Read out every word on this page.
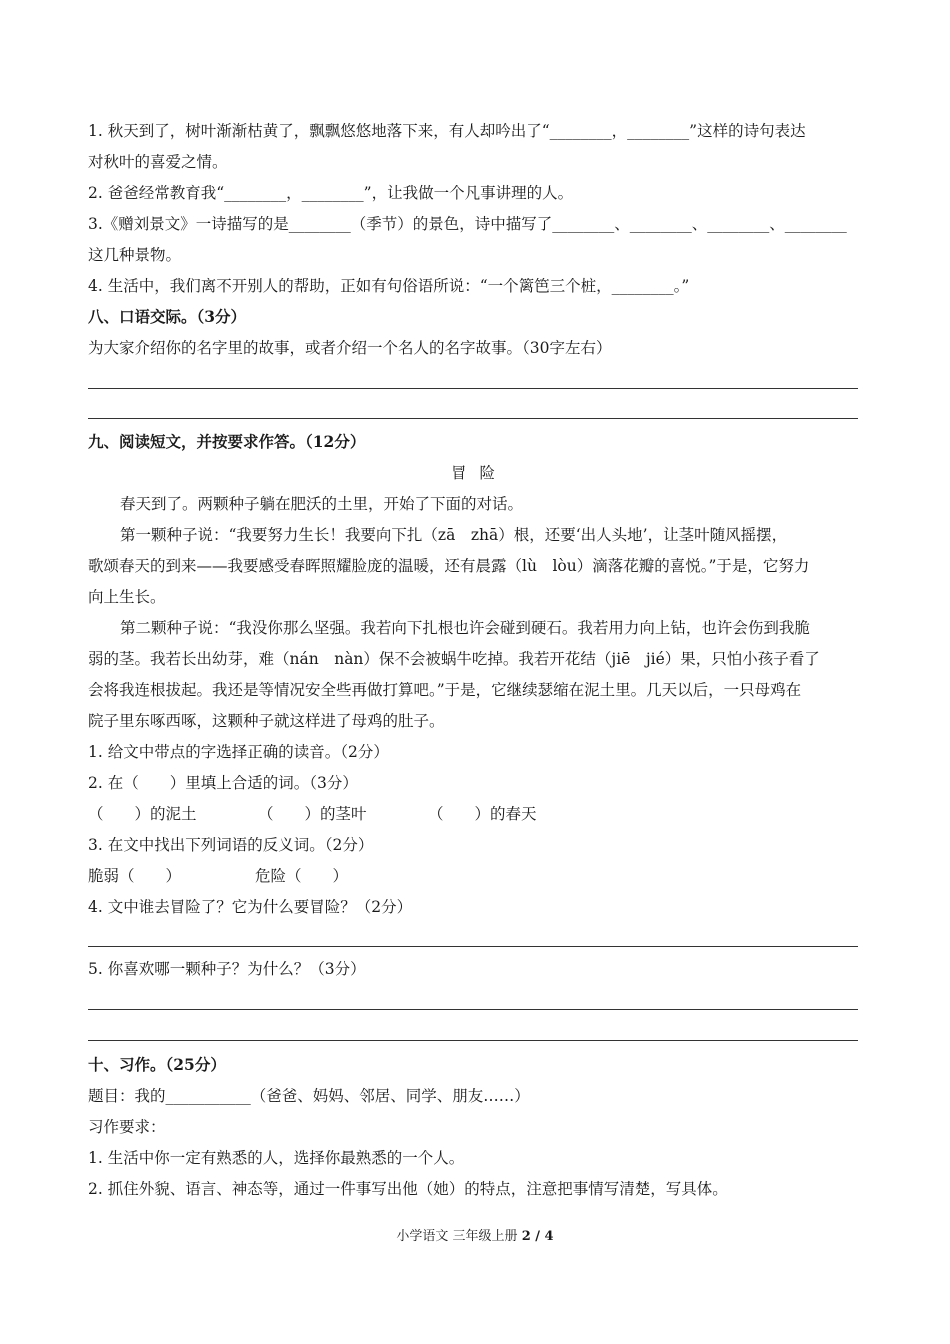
1. 秋天到了，树叶渐渐枯黄了，飘飘悠悠地落下来，有人却吟出了“________，________”这样的诗句表达
对秋叶的喜爱之情。
2. 爸爸经常教育我“________，________”，让我做一个凡事讲理的人。
3.《赠刘景文》一诗描写的是________（季节）的景色，诗中描写了________、________、________、________
这几种景物。
4. 生活中，我们离不开别人的帮助，正如有句俗语所说：“一个篱笆三个桩，________。”
八、口语交际。（3分）
为大家介绍你的名字里的故事，或者介绍一个名人的名字故事。（30字左右）
九、阅读短文，并按要求作答。（12分）
冒 险
春天到了。两颗种子躺在肥沃的土里，开始了下面的对话。
第一颗种子说：“我要努力生长！我要向下扎（zā　zhā）根，还要‘出人头地’，让茎叶随风摇摆，
歌颂春天的到来——我要感受春晖照耀脸庞的温暖，还有晨露（lù　lòu）滴落花瓣的喜悦。”于是，它努力
向上生长。
第二颗种子说：“我没你那么坚强。我若向下扎根也许会碰到硬石。我若用力向上钻，也许会伤到我脆
弱的茎。我若长出幼芽，难（nán　nàn）保不会被蜗牛吃掉。我若开花结（jiē　jié）果，只怕小孩子看了
会将我连根拔起。我还是等情况安全些再做打算吧。”于是，它继续瑟缩在泥土里。几天以后，一只母鸡在
院子里东啄西啄，这颗种子就这样进了母鸡的肚子。
1. 给文中带点的字选择正确的读音。（2分）
2. 在（　　）里填上合适的词。（3分）
（　　）的泥土	（　　）的茎叶	（　　）的春天
3. 在文中找出下列词语的反义词。（2分）
脆弱（　　）	危险（　　）
4. 文中谁去冒险了？它为什么要冒险？（2分）
5. 你喜欢哪一颗种子？为什么？（3分）
十、习作。（25分）
题目：我的___________（爸爸、妈妈、邻居、同学、朋友……）
习作要求：
1. 生活中你一定有熟悉的人，选择你最熟悉的一个人。
2. 抓住外貌、语言、神态等，通过一件事写出他（她）的特点，注意把事情写清楚，写具体。
小学语文 三年级上册 2 / 4
